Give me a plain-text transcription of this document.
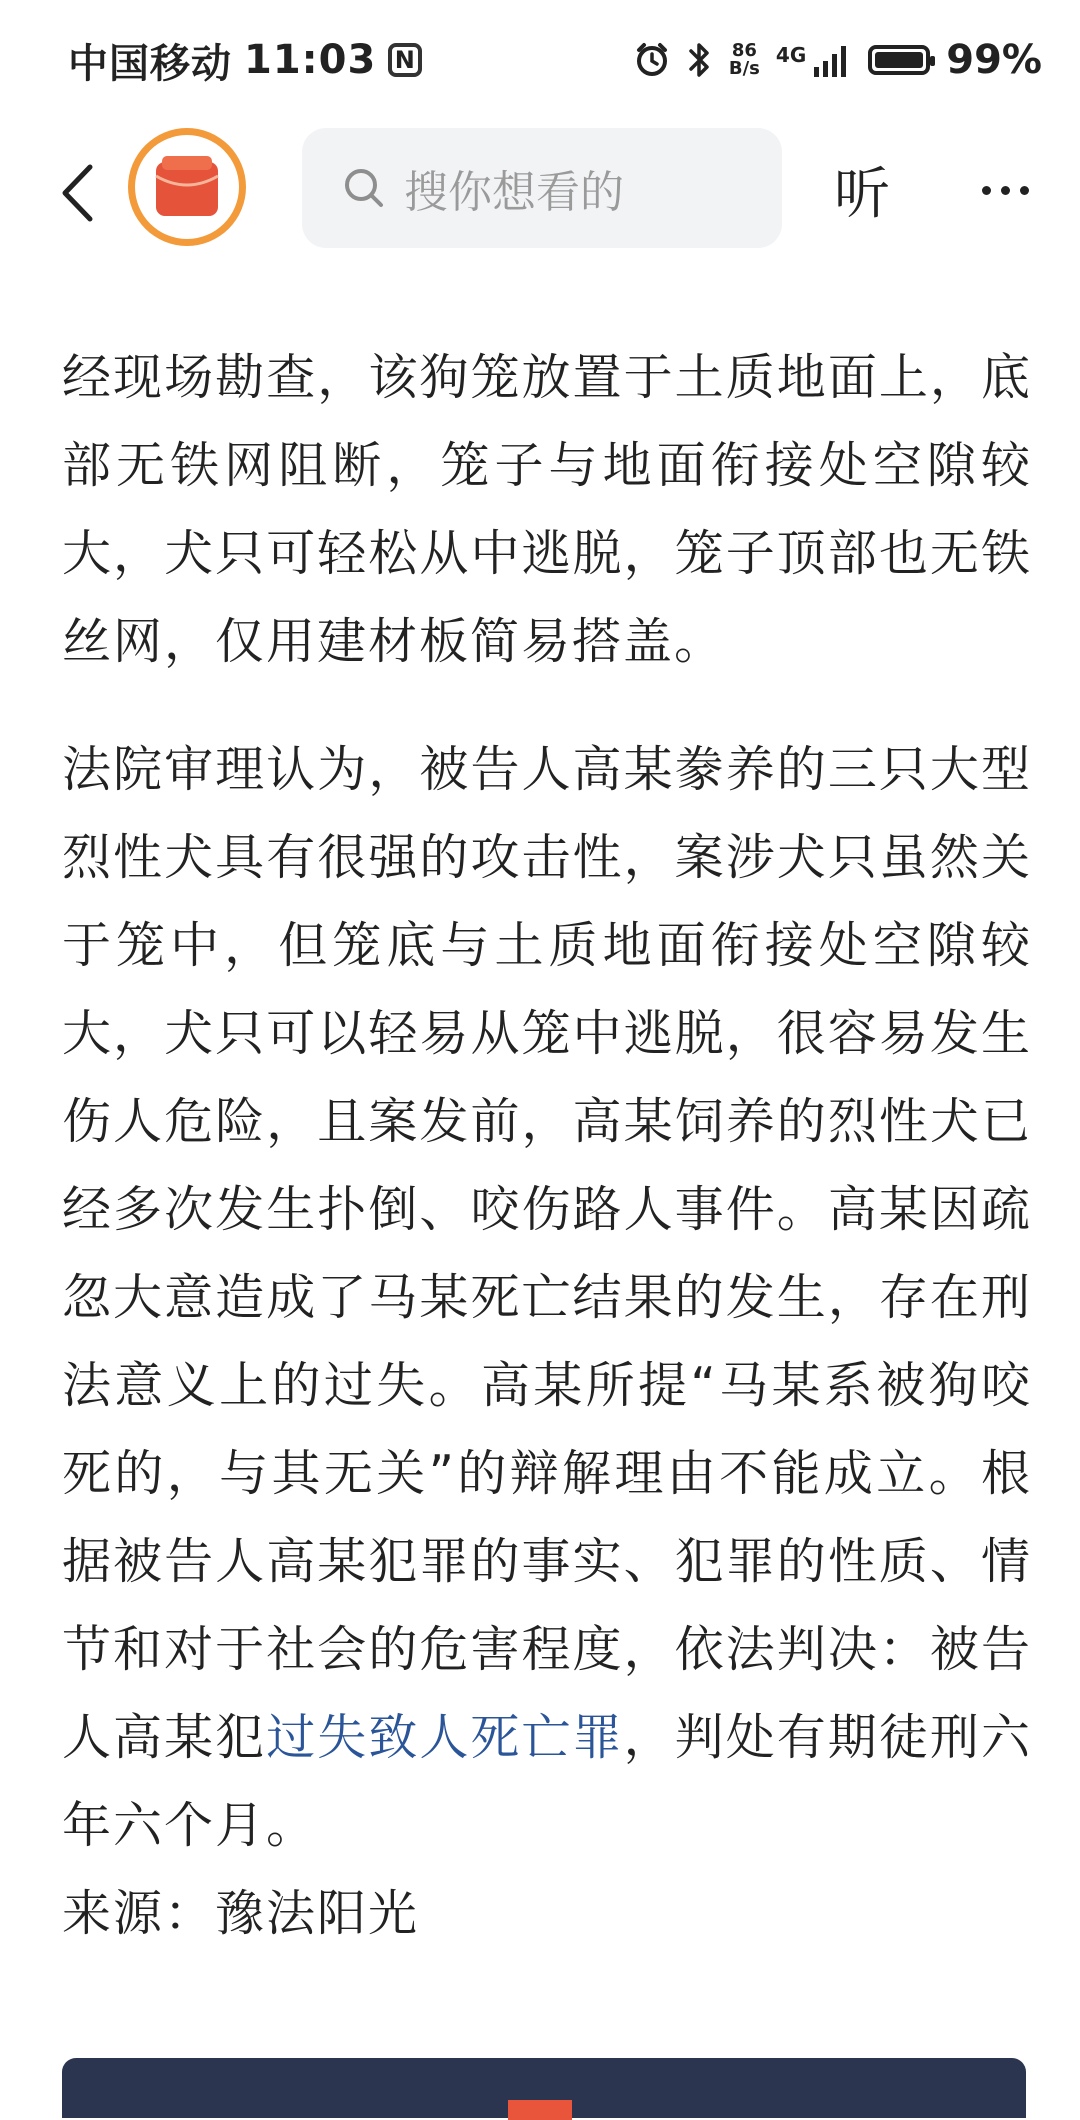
中国移动 11:03 N	86
B/s
4G	99%
搜你想看的	听

经现场勘查，该狗笼放置于土质地面上，底部无铁网阻断，笼子与地面衔接处空隙较大，犬只可轻松从中逃脱，笼子顶部也无铁丝网，仅用建材板简易搭盖。

法院审理认为，被告人高某豢养的三只大型烈性犬具有很强的攻击性，案涉犬只虽然关于笼中，但笼底与土质地面衔接处空隙较大，犬只可以轻易从笼中逃脱，很容易发生伤人危险，且案发前，高某饲养的烈性犬已经多次发生扑倒、咬伤路人事件。高某因疏忽大意造成了马某死亡结果的发生，存在刑法意义上的过失。高某所提“马某系被狗咬死的，与其无关”的辩解理由不能成立。根据被告人高某犯罪的事实、犯罪的性质、情节和对于社会的危害程度，依法判决：被告人高某犯过失致人死亡罪，判处有期徒刑六年六个月。

来源：豫法阳光
